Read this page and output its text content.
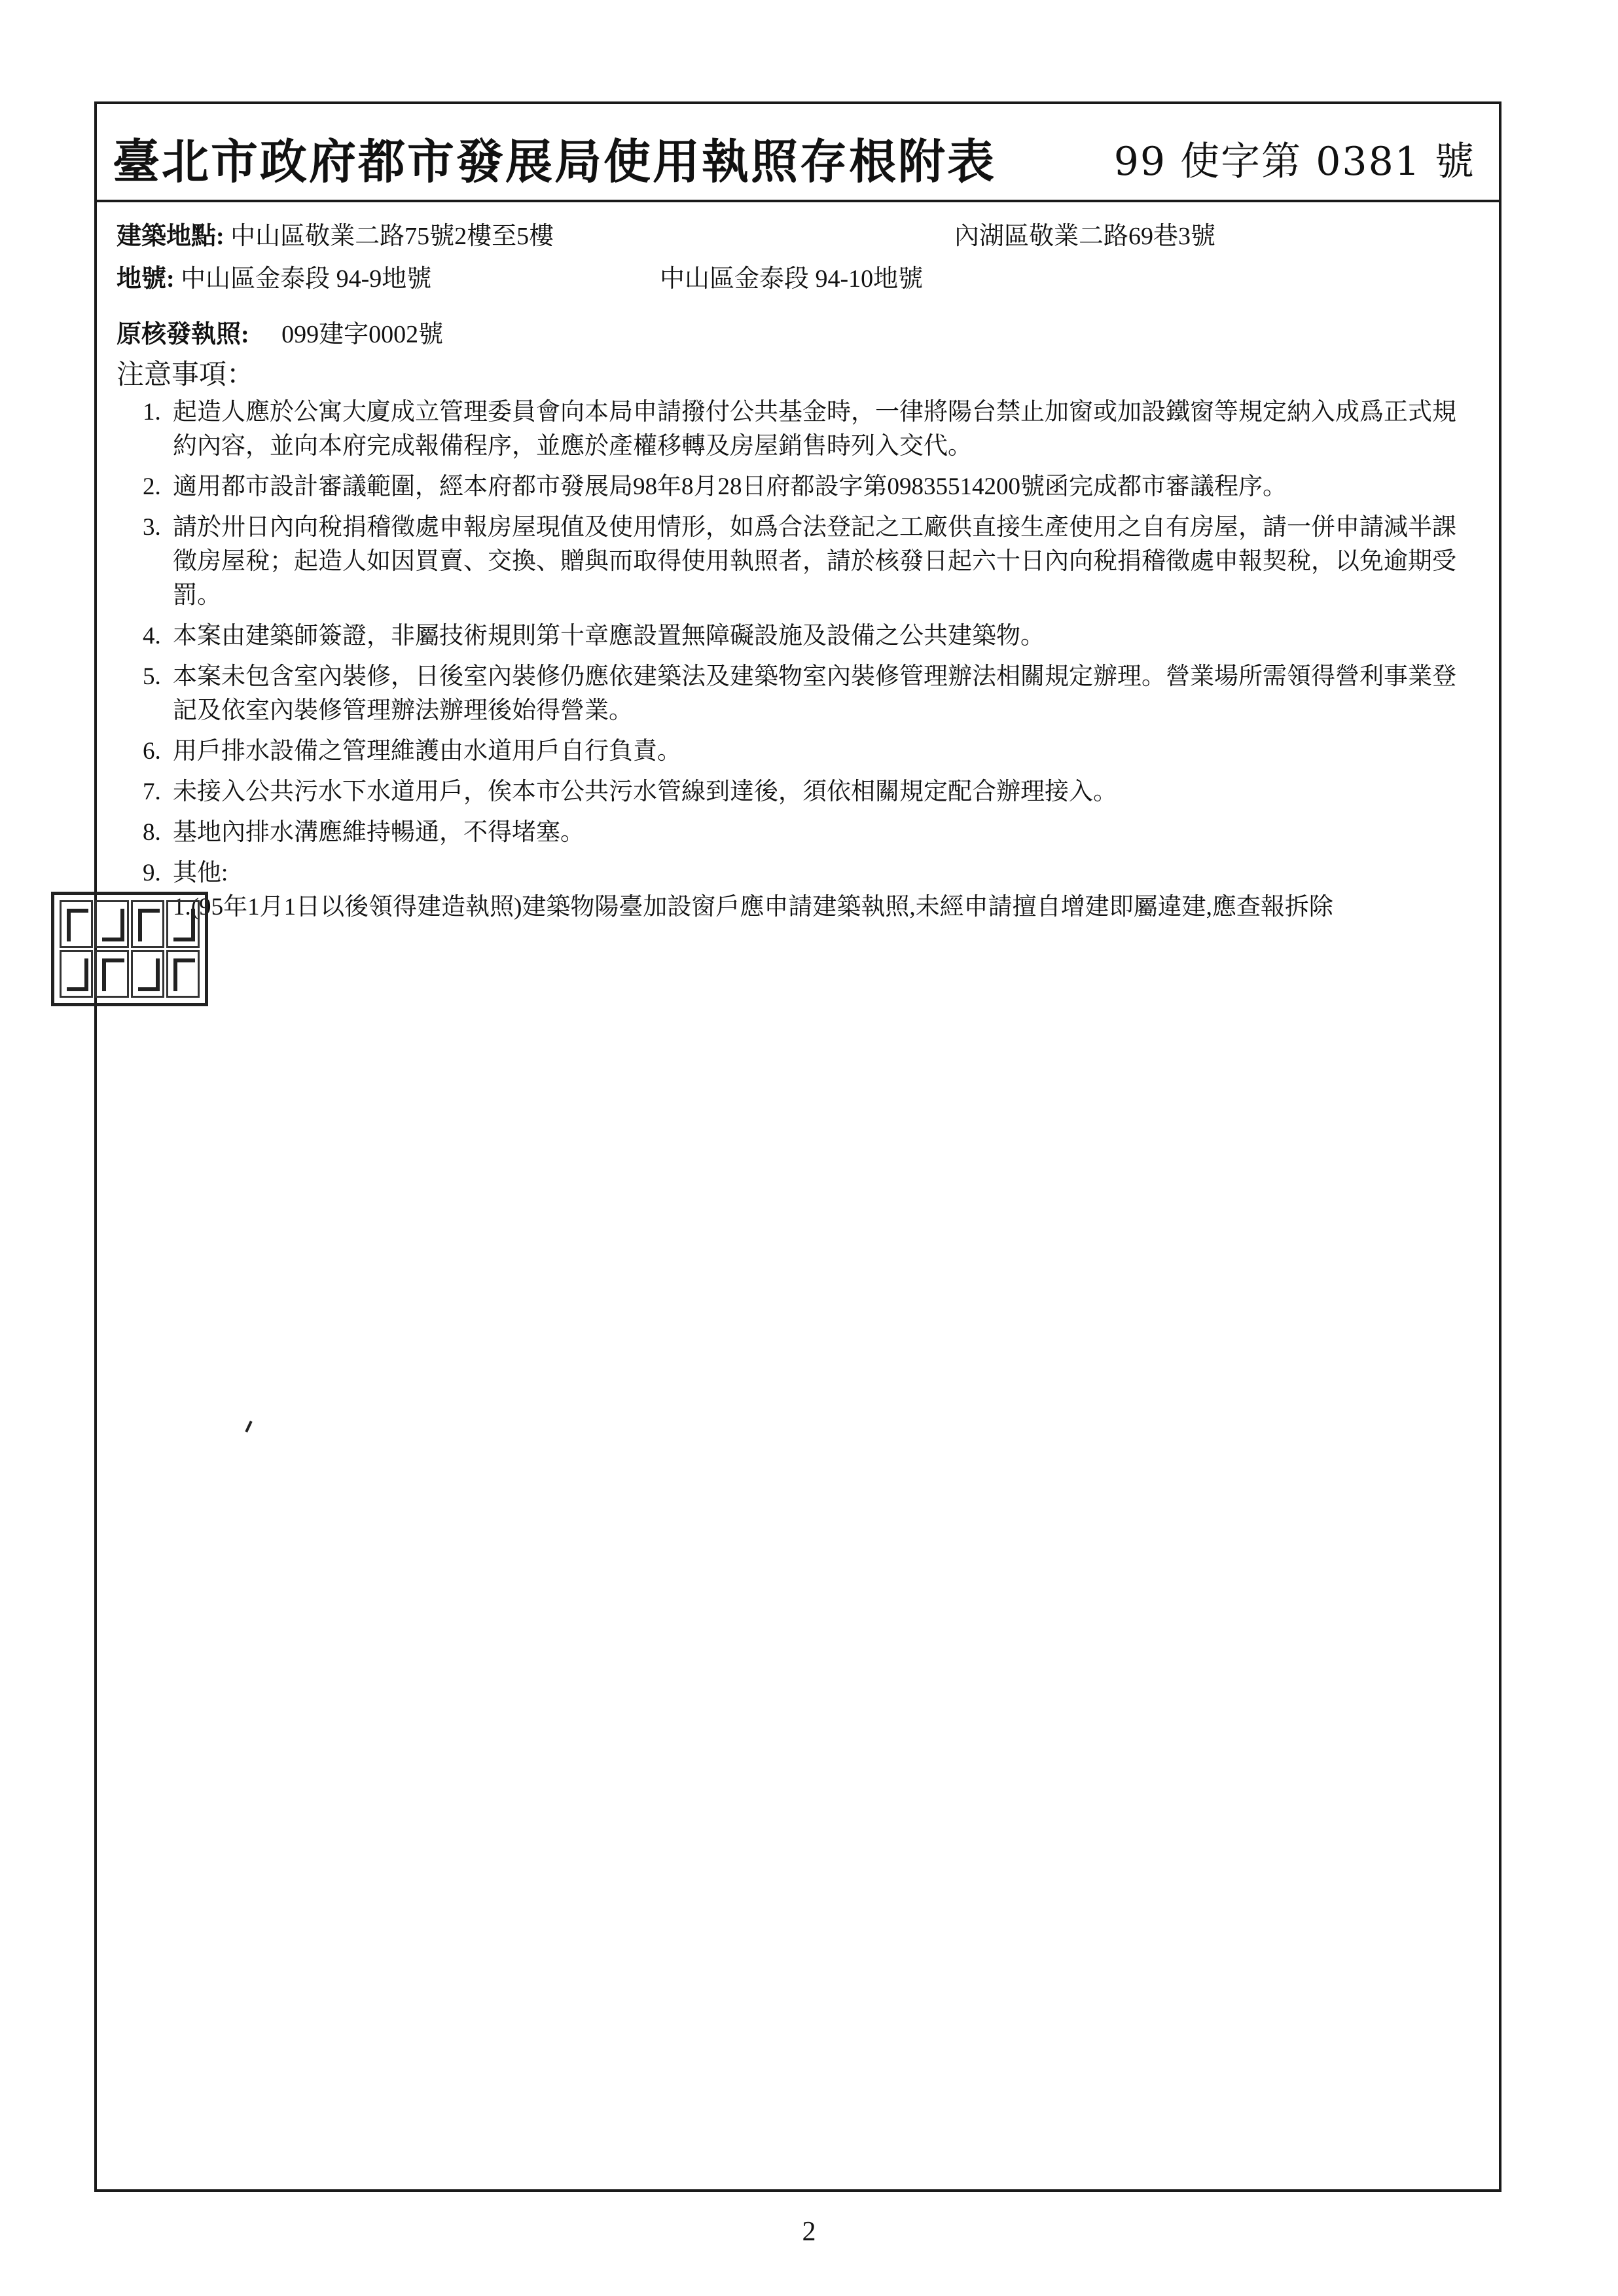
臺北市政府都市發展局使用執照存根附表	99 使字第 0381 號
建築地點: 中山區敬業二路75號2樓至5樓	內湖區敬業二路69巷3號
地號: 中山區金泰段 94-9地號	中山區金泰段 94-10地號
原核發執照: 099建字0002號
注意事項：
1. 起造人應於公寓大廈成立管理委員會向本局申請撥付公共基金時，一律將陽台禁止加窗或加設鐵窗等規定納入成爲正式規約內容，並向本府完成報備程序，並應於產權移轉及房屋銷售時列入交代。
2. 適用都市設計審議範圍，經本府都市發展局98年8月28日府都設字第09835514200號函完成都市審議程序。
3. 請於卅日內向稅捐稽徵處申報房屋現值及使用情形，如爲合法登記之工廠供直接生產使用之自有房屋，請一併申請減半課徵房屋稅；起造人如因買賣、交換、贈與而取得使用執照者，請於核發日起六十日內向稅捐稽徵處申報契稅，以免逾期受罰。
4. 本案由建築師簽證，非屬技術規則第十章應設置無障礙設施及設備之公共建築物。
5. 本案未包含室內裝修，日後室內裝修仍應依建築法及建築物室內裝修管理辦法相關規定辦理。營業場所需領得營利事業登記及依室內裝修管理辦法辦理後始得營業。
6. 用戶排水設備之管理維護由水道用戶自行負責。
7. 未接入公共污水下水道用戶，俟本市公共污水管線到達後，須依相關規定配合辦理接入。
8. 基地內排水溝應維持暢通，不得堵塞。
9. 其他:
1.(95年1月1日以後領得建造執照)建築物陽臺加設窗戶應申請建築執照,未經申請擅自增建即屬違建,應查報拆除
2
